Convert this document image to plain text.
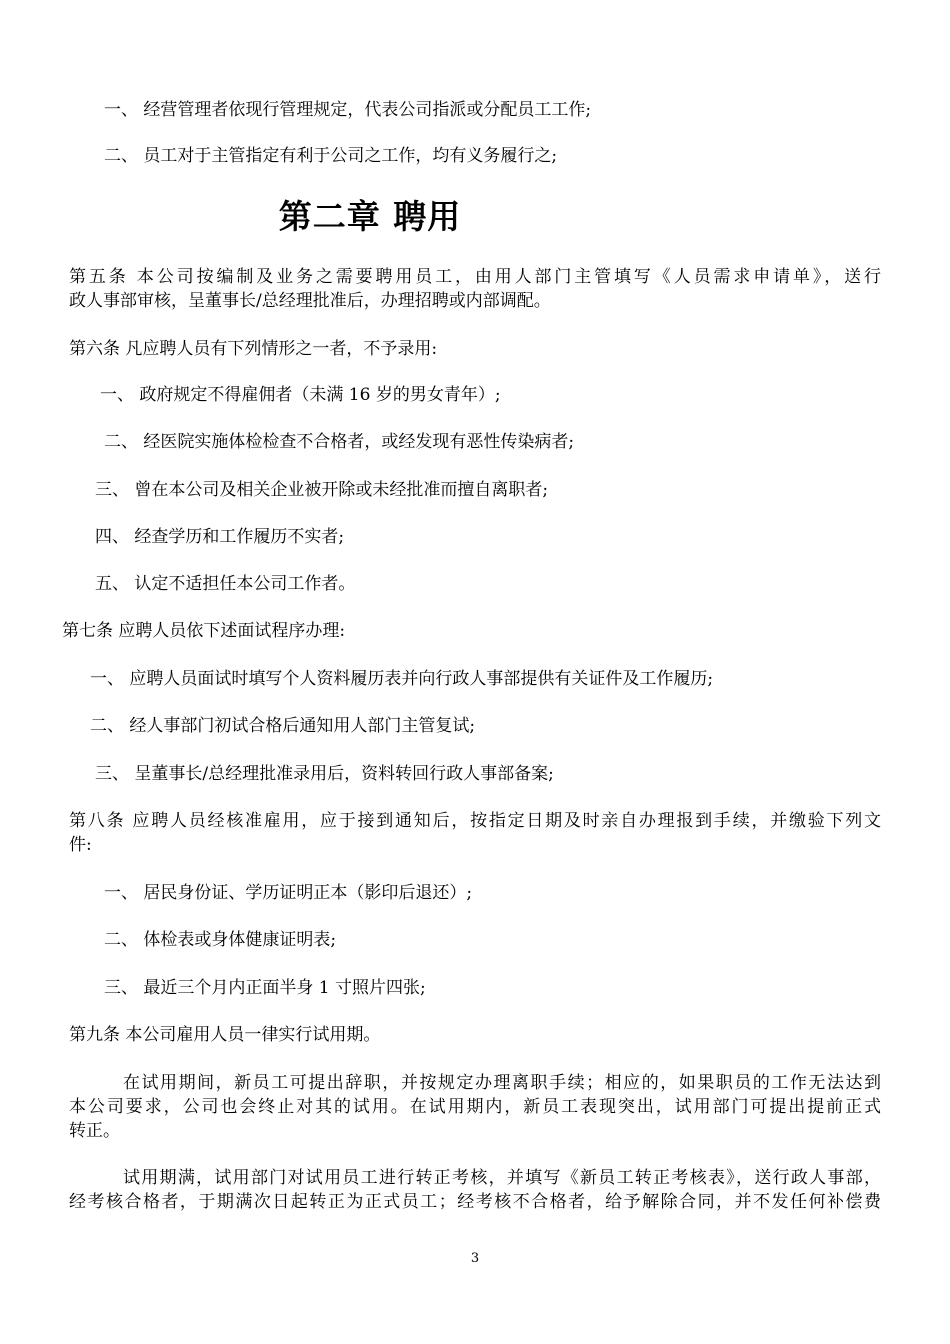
一、 经营管理者依现行管理规定，代表公司指派或分配员工工作;
二、 员工对于主管指定有利于公司之工作，均有义务履行之;
第二章 聘用
第五条 本公司按编制及业务之需要聘用员工，由用人部门主管填写《人员需求申请单》，送行
政人事部审核，呈董事长/总经理批准后，办理招聘或内部调配。
第六条 凡应聘人员有下列情形之一者，不予录用:
一、 政府规定不得雇佣者（未满 16 岁的男女青年）;
二、 经医院实施体检检查不合格者，或经发现有恶性传染病者;
三、 曾在本公司及相关企业被开除或未经批准而擅自离职者;
四、 经查学历和工作履历不实者;
五、 认定不适担任本公司工作者。
第七条 应聘人员依下述面试程序办理:
一、 应聘人员面试时填写个人资料履历表并向行政人事部提供有关证件及工作履历;
二、 经人事部门初试合格后通知用人部门主管复试;
三、 呈董事长/总经理批准录用后，资料转回行政人事部备案;
第八条 应聘人员经核准雇用，应于接到通知后，按指定日期及时亲自办理报到手续，并缴验下列文
件:
一、 居民身份证、学历证明正本（影印后退还）;
二、 体检表或身体健康证明表;
三、 最近三个月内正面半身 1 寸照片四张;
第九条 本公司雇用人员一律实行试用期。
在试用期间，新员工可提出辞职，并按规定办理离职手续；相应的，如果职员的工作无法达到
本公司要求，公司也会终止对其的试用。在试用期内，新员工表现突出，试用部门可提出提前正式
转正。
试用期满，试用部门对试用员工进行转正考核，并填写《新员工转正考核表》，送行政人事部，
经考核合格者，于期满次日起转正为正式员工；经考核不合格者，给予解除合同，并不发任何补偿费
3
